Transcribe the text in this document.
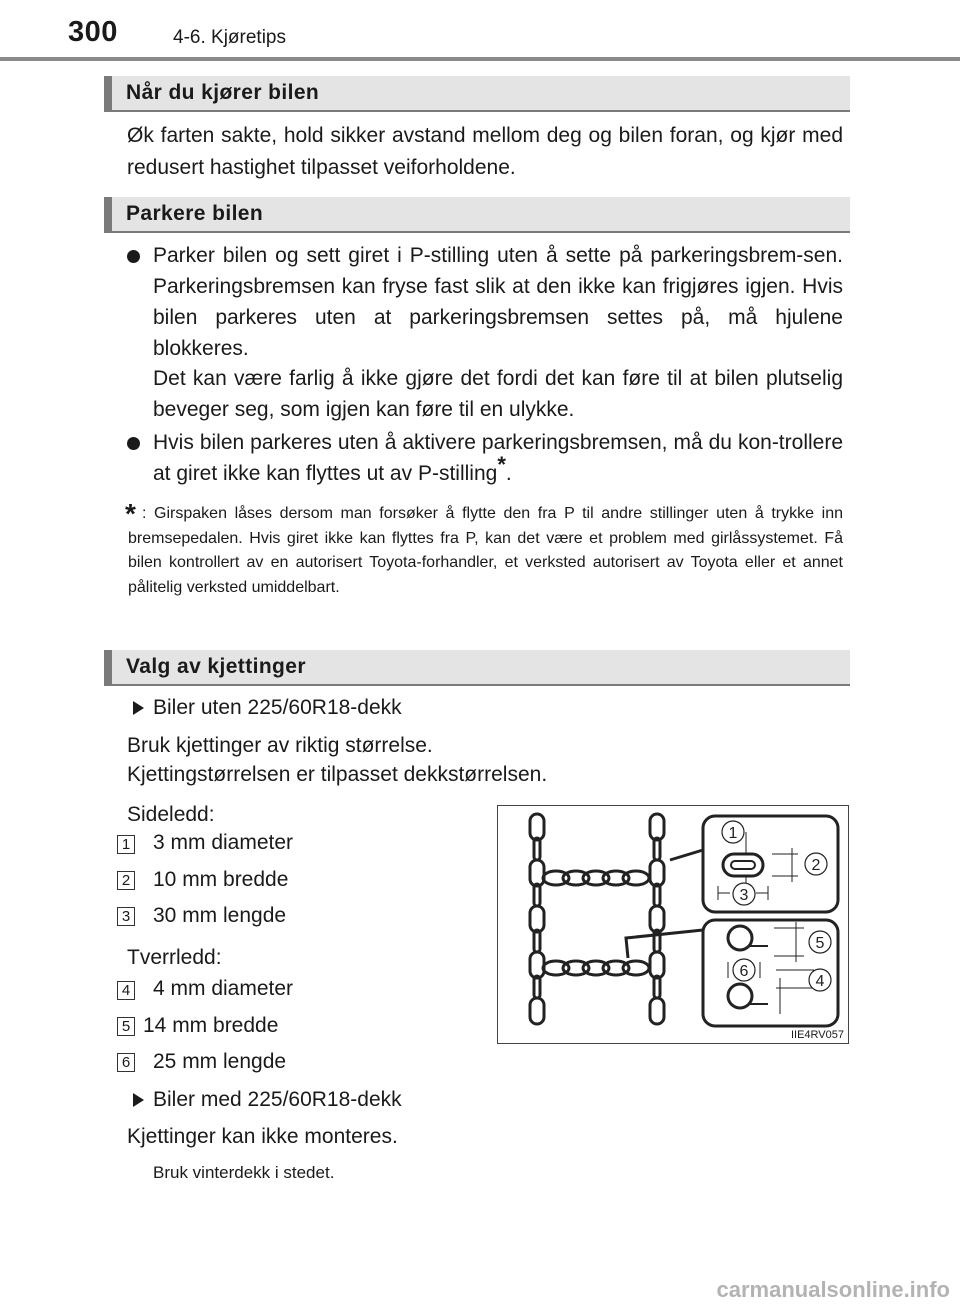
300	4-6. Kjøretips
Når du kjører bilen
Øk farten sakte, hold sikker avstand mellom deg og bilen foran, og kjør med redusert hastighet tilpasset veiforholdene.
Parkere bilen
Parker bilen og sett giret i P-stilling uten å sette på parkeringsbrem-sen. Parkeringsbremsen kan fryse fast slik at den ikke kan frigjøres igjen. Hvis bilen parkeres uten at parkeringsbremsen settes på, må hjulene blokkeres.
Det kan være farlig å ikke gjøre det fordi det kan føre til at bilen plutselig beveger seg, som igjen kan føre til en ulykke.
Hvis bilen parkeres uten å aktivere parkeringsbremsen, må du kon-trollere at giret ikke kan flyttes ut av P-stilling*.
* : Girspaken låses dersom man forsøker å flytte den fra P til andre stillinger uten å trykke inn bremsepedalen. Hvis giret ikke kan flyttes fra P, kan det være et problem med girlåssystemet. Få bilen kontrollert av en autorisert Toyota-forhandler, et verksted autorisert av Toyota eller et annet pålitelig verksted umiddelbart.
Valg av kjettinger
Biler uten 225/60R18-dekk
Bruk kjettinger av riktig størrelse.
Kjettingstørrelsen er tilpasset dekkstørrelsen.
Sideledd:
1 3 mm diameter
2 10 mm bredde
3 30 mm lengde
Tverrledd:
4 4 mm diameter
5 14 mm bredde
6 25 mm lengde
Biler med 225/60R18-dekk
Kjettinger kan ikke monteres.
Bruk vinterdekk i stedet.
1
2
3
4
5
6
IIE4RV057
carmanualsonline.info
